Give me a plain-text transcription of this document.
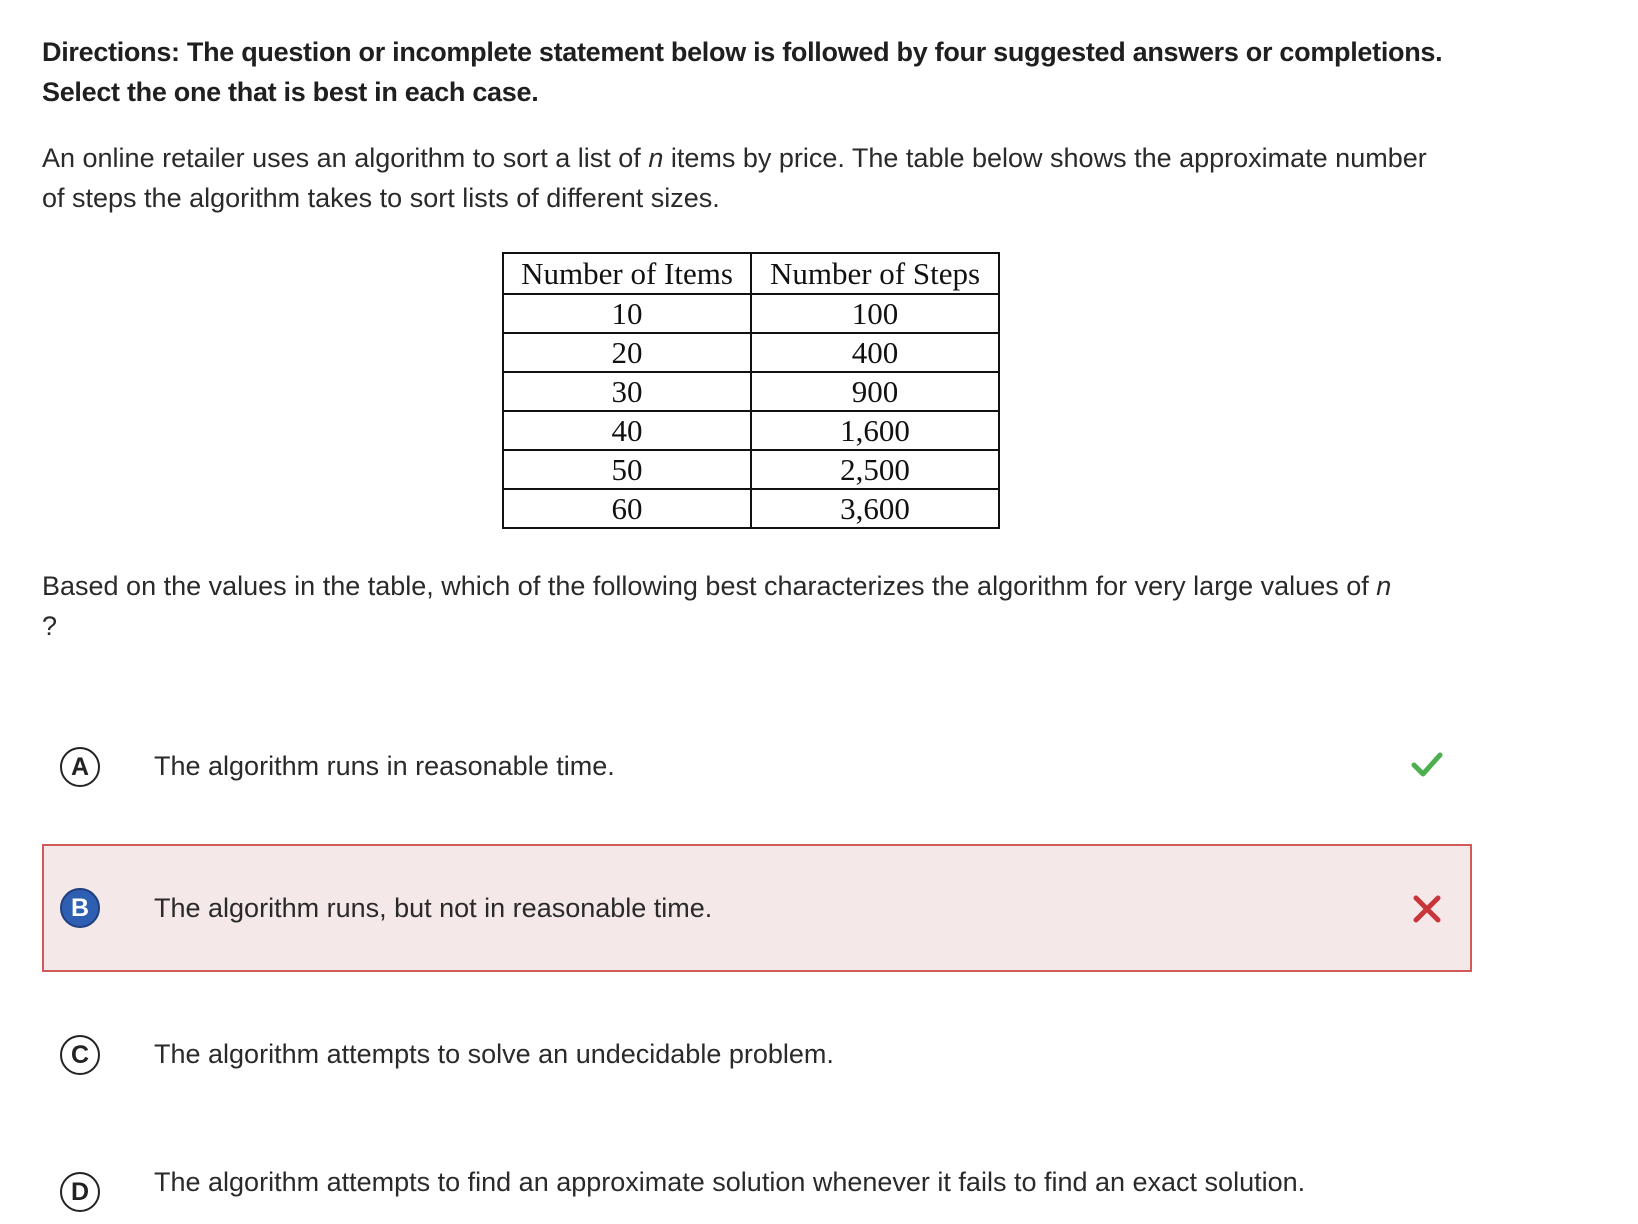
Directions: The question or incomplete statement below is followed by four suggested answers or completions. Select the one that is best in each case.
An online retailer uses an algorithm to sort a list of n items by price. The table below shows the approximate number of steps the algorithm takes to sort lists of different sizes.
Number of Items	Number of Steps
10	100
20	400
30	900
40	1,600
50	2,500
60	3,600
Based on the values in the table, which of the following best characterizes the algorithm for very large values of n
?
A	The algorithm runs in reasonable time.
B	The algorithm runs, but not in reasonable time.
C	The algorithm attempts to solve an undecidable problem.
D	The algorithm attempts to find an approximate solution whenever it fails to find an exact solution.
